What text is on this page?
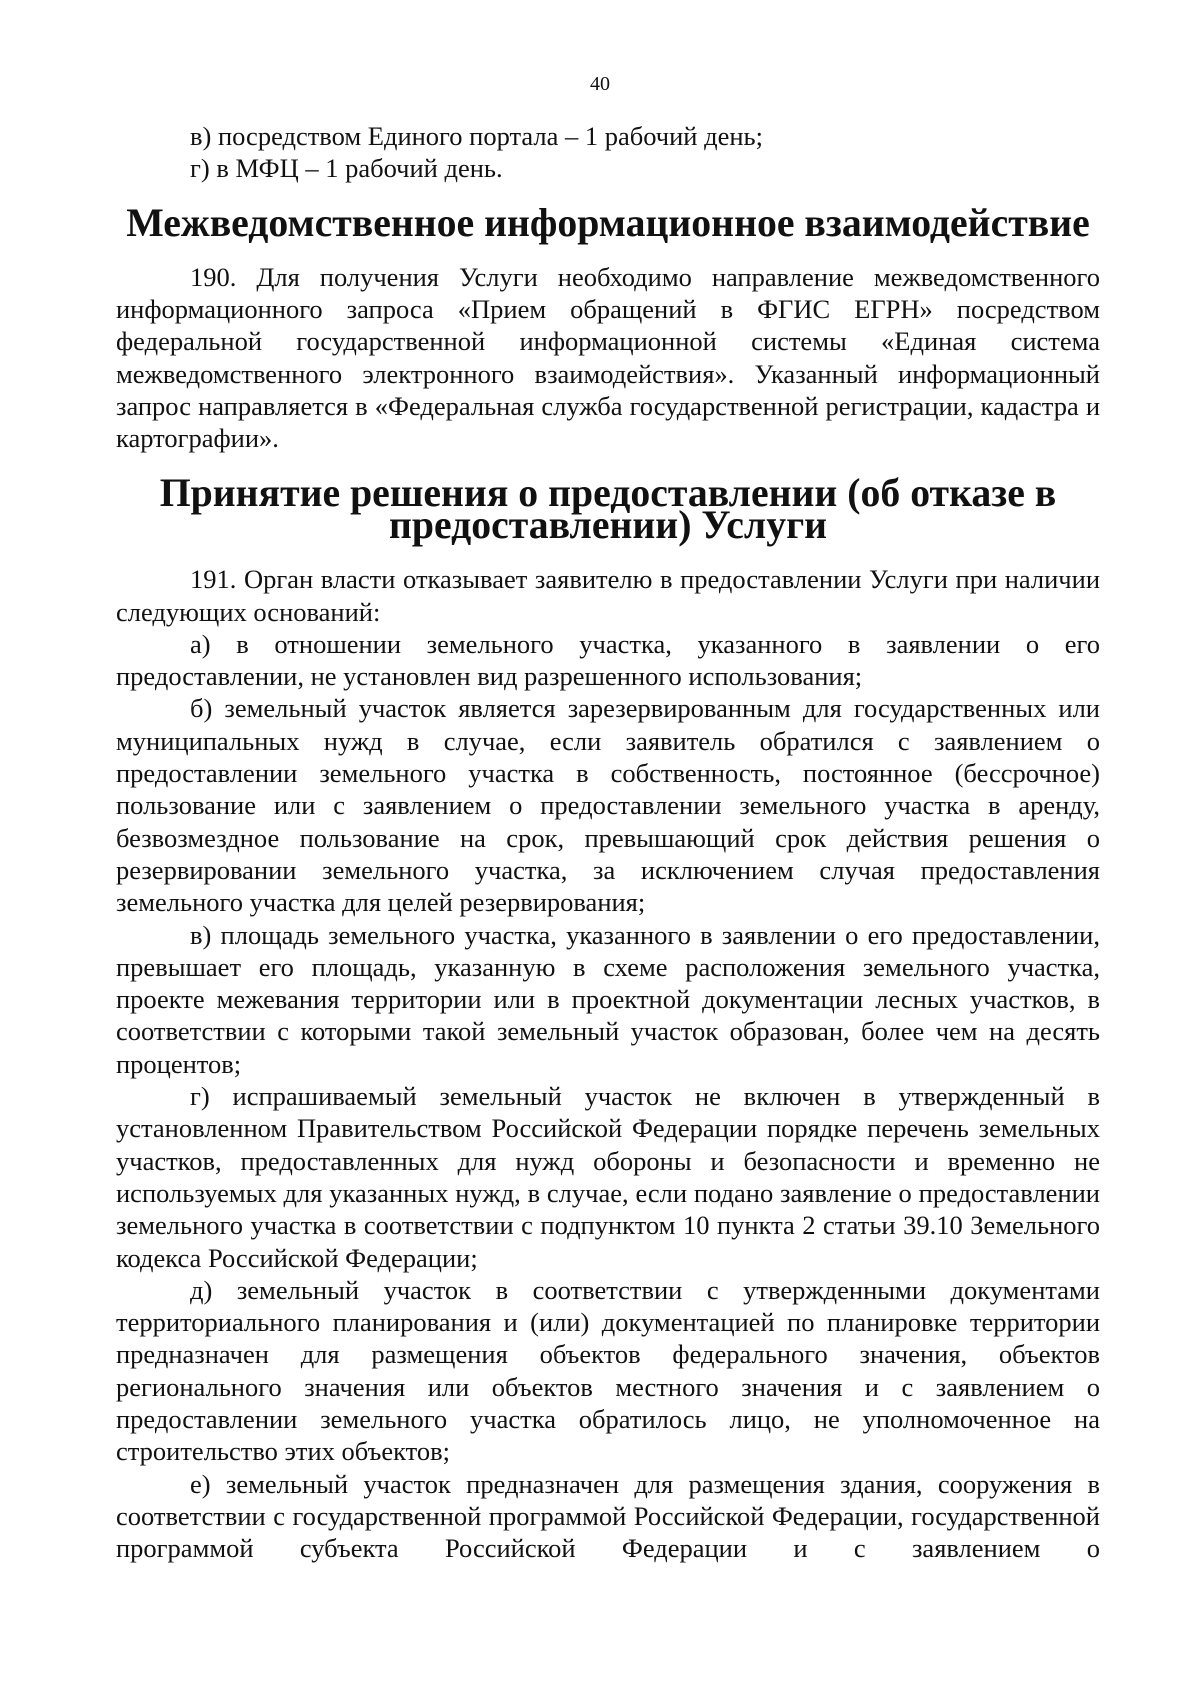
40

в) посредством Единого портала – 1 рабочий день;

г) в МФЦ – 1 рабочий день.

Межведомственное информационное взаимодействие

190. Для получения Услуги необходимо направление межведомственного информационного запроса «Прием обращений в ФГИС ЕГРН» посредством федеральной государственной информационной системы «Единая система межведомственного электронного взаимодействия». Указанный информационный запрос направляется в «Федеральная служба государственной регистрации, кадастра и картографии».

Принятие решения о предоставлении (об отказе в предоставлении) Услуги

191. Орган власти отказывает заявителю в предоставлении Услуги при наличии следующих оснований:

а) в отношении земельного участка, указанного в заявлении о его предоставлении, не установлен вид разрешенного использования;

б) земельный участок является зарезервированным для государственных или муниципальных нужд в случае, если заявитель обратился с заявлением о предоставлении земельного участка в собственность, постоянное (бессрочное) пользование или с заявлением о предоставлении земельного участка в аренду, безвозмездное пользование на срок, превышающий срок действия решения о резервировании земельного участка, за исключением случая предоставления земельного участка для целей резервирования;

в) площадь земельного участка, указанного в заявлении о его предоставлении, превышает его площадь, указанную в схеме расположения земельного участка, проекте межевания территории или в проектной документации лесных участков, в соответствии с которыми такой земельный участок образован, более чем на десять процентов;

г) испрашиваемый земельный участок не включен в утвержденный в установленном Правительством Российской Федерации порядке перечень земельных участков, предоставленных для нужд обороны и безопасности и временно не используемых для указанных нужд, в случае, если подано заявление о предоставлении земельного участка в соответствии с подпунктом 10 пункта 2 статьи 39.10 Земельного кодекса Российской Федерации;

д) земельный участок в соответствии с утвержденными документами территориального планирования и (или) документацией по планировке территории предназначен для размещения объектов федерального значения, объектов регионального значения или объектов местного значения и с заявлением о предоставлении земельного участка обратилось лицо, не уполномоченное на строительство этих объектов;

е) земельный участок предназначен для размещения здания, сооружения в соответствии с государственной программой Российской Федерации, государственной программой субъекта Российской Федерации и с заявлением о
